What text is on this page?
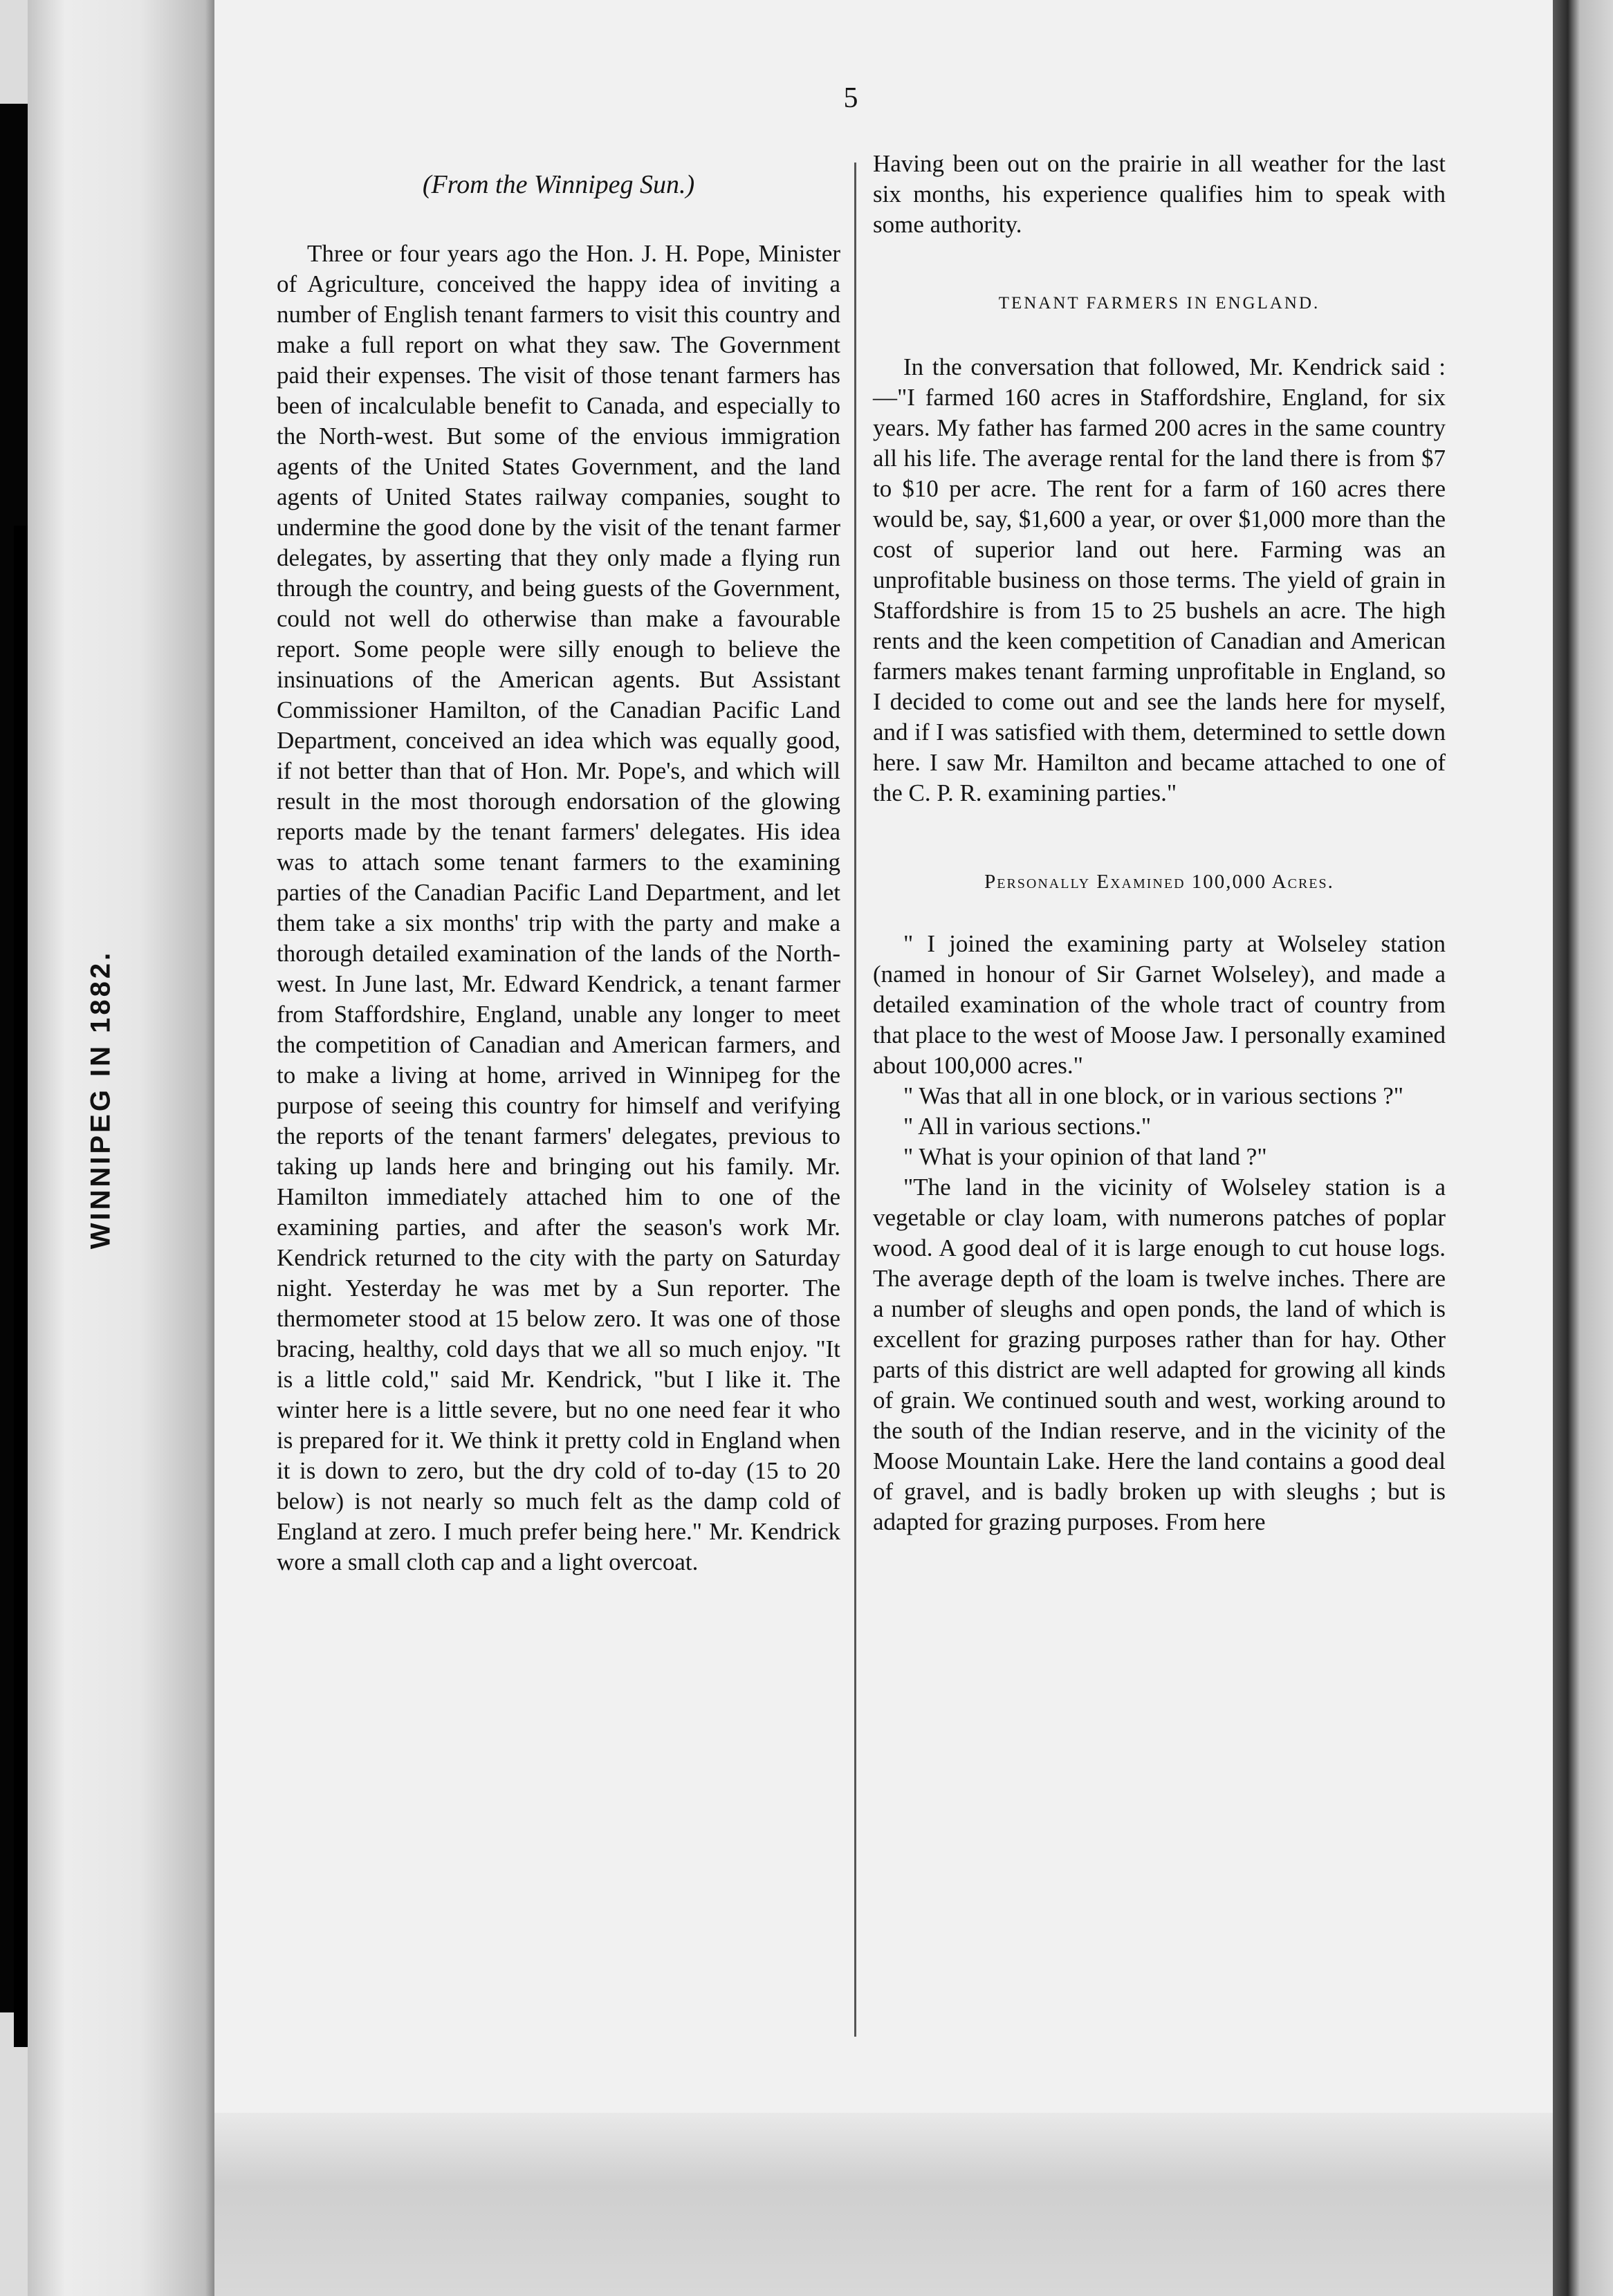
WINNIPEG IN 1882.
5
(From the Winnipeg Sun.)

Three or four years ago the Hon. J. H. Pope, Minister of Agriculture, conceived the happy idea of inviting a number of English tenant farmers to visit this country and make a full report on what they saw. The Government paid their expenses. The visit of those tenant farmers has been of incalculable benefit to Canada, and especially to the North-west. But some of the envious immigration agents of the United States Government, and the land agents of United States railway companies, sought to undermine the good done by the visit of the tenant farmer delegates, by asserting that they only made a flying run through the country, and being guests of the Government, could not well do otherwise than make a favourable report. Some people were silly enough to believe the insinuations of the American agents. But Assistant Commissioner Hamilton, of the Canadian Pacific Land Department, conceived an idea which was equally good, if not better than that of Hon. Mr. Pope's, and which will result in the most thorough endorsation of the glowing reports made by the tenant farmers' delegates. His idea was to attach some tenant farmers to the examining parties of the Canadian Pacific Land Department, and let them take a six months' trip with the party and make a thorough detailed examination of the lands of the North-west. In June last, Mr. Edward Kendrick, a tenant farmer from Staffordshire, England, unable any longer to meet the competition of Canadian and American farmers, and to make a living at home, arrived in Winnipeg for the purpose of seeing this country for himself and verifying the reports of the tenant farmers' delegates, previous to taking up lands here and bringing out his family. Mr. Hamilton immediately attached him to one of the examining parties, and after the season's work Mr. Kendrick returned to the city with the party on Saturday night. Yesterday he was met by a Sun reporter. The thermometer stood at 15 below zero. It was one of those bracing, healthy, cold days that we all so much enjoy. "It is a little cold," said Mr. Kendrick, "but I like it. The winter here is a little severe, but no one need fear it who is prepared for it. We think it pretty cold in England when it is down to zero, but the dry cold of to-day (15 to 20 below) is not nearly so much felt as the damp cold of England at zero. I much prefer being here." Mr. Kendrick wore a small cloth cap and a light overcoat.

Having been out on the prairie in all weather for the last six months, his experience qualifies him to speak with some authority.

TENANT FARMERS IN ENGLAND.

In the conversation that followed, Mr. Kendrick said :—"I farmed 160 acres in Staffordshire, England, for six years. My father has farmed 200 acres in the same country all his life. The average rental for the land there is from $7 to $10 per acre. The rent for a farm of 160 acres there would be, say, $1,600 a year, or over $1,000 more than the cost of superior land out here. Farming was an unprofitable business on those terms. The yield of grain in Staffordshire is from 15 to 25 bushels an acre. The high rents and the keen competition of Canadian and American farmers makes tenant farming unprofitable in England, so I decided to come out and see the lands here for myself, and if I was satisfied with them, determined to settle down here. I saw Mr. Hamilton and became attached to one of the C. P. R. examining parties."

Personally Examined 100,000 Acres.

" I joined the examining party at Wolseley station (named in honour of Sir Garnet Wolseley), and made a detailed examination of the whole tract of country from that place to the west of Moose Jaw. I personally examined about 100,000 acres."

" Was that all in one block, or in various sections ?"

" All in various sections."

" What is your opinion of that land ?"

"The land in the vicinity of Wolseley station is a vegetable or clay loam, with numerons patches of poplar wood. A good deal of it is large enough to cut house logs. The average depth of the loam is twelve inches. There are a number of sleughs and open ponds, the land of which is excellent for grazing purposes rather than for hay. Other parts of this district are well adapted for growing all kinds of grain. We continued south and west, working around to the south of the Indian reserve, and in the vicinity of the Moose Mountain Lake. Here the land contains a good deal of gravel, and is badly broken up with sleughs ; but is adapted for grazing purposes. From here
